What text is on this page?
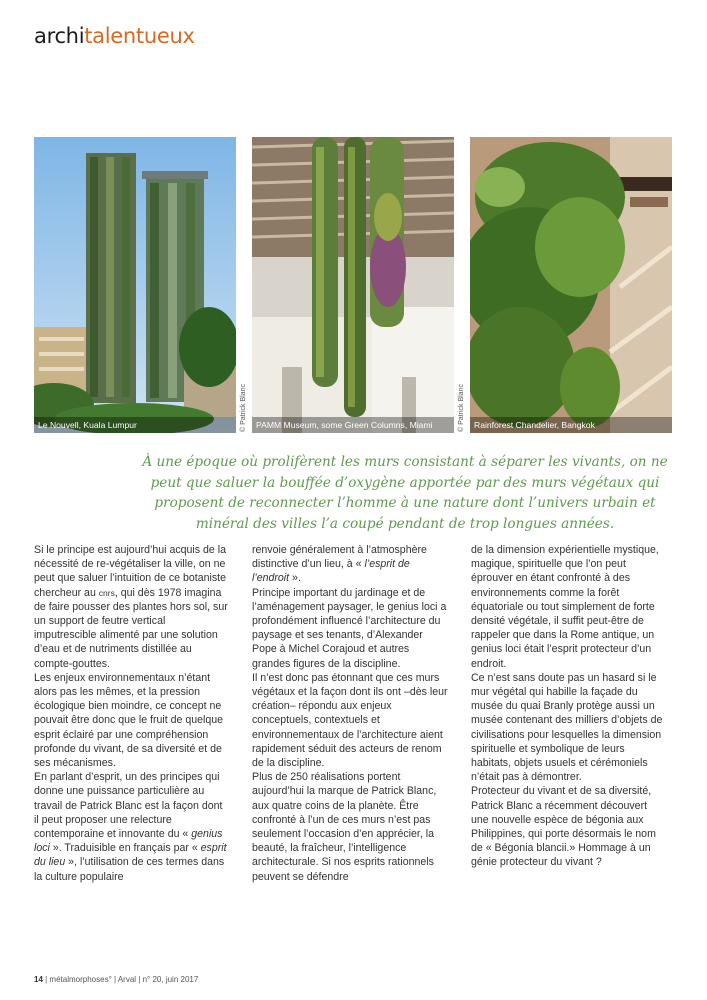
architalentueux
Le Nouvell, Kuala Lumpur	PAMM Museum, some Green Columns, Miami	Rainforest Chandelier, Bangkok
© Patrick Blanc	© Patrick Blanc
À une époque où prolifèrent les murs consistant à séparer les vivants, on ne peut que saluer la bouffée d’oxygène apportée par des murs végétaux qui proposent de reconnecter l’homme à une nature dont l’univers urbain et minéral des villes l’a coupé pendant de trop longues années.

Si le principe est aujourd’hui acquis de la nécessité de re-végétaliser la ville, on ne peut que saluer l’intuition de ce botaniste chercheur au cnrs, qui dès 1978 imagina de faire pousser des plantes hors sol, sur un support de feutre vertical imputrescible alimenté par une solution d’eau et de nutriments distillée au compte-gouttes.

Les enjeux environnementaux n’étant alors pas les mêmes, et la pression écologique bien moindre, ce concept ne pouvait être donc que le fruit de quelque esprit éclairé par une compréhension profonde du vivant, de sa diversité et de ses mécanismes.

En parlant d’esprit, un des principes qui donne une puissance particulière au travail de Patrick Blanc est la façon dont il peut proposer une relecture contemporaine et innovante du « genius loci ». Traduisible en français par « esprit du lieu », l’utilisation de ces termes dans la culture populaire

renvoie généralement à l’atmosphère distinctive d’un lieu, à « l’esprit de l’endroit ».

Principe important du jardinage et de l’aménagement paysager, le genius loci a profondément influencé l’architecture du paysage et ses tenants, d’Alexander Pope à Michel Corajoud et autres grandes figures de la discipline.

Il n’est donc pas étonnant que ces murs végétaux et la façon dont ils ont –dès leur création– répondu aux enjeux conceptuels, contextuels et environnementaux de l’architecture aient rapidement séduit des acteurs de renom de la discipline.

Plus de 250 réalisations portent aujourd’hui la marque de Patrick Blanc, aux quatre coins de la planète. Être confronté à l’un de ces murs n’est pas seulement l’occasion d’en apprécier, la beauté, la fraîcheur, l’intelligence architecturale. Si nos esprits rationnels peuvent se défendre

de la dimension expérientielle mystique, magique, spirituelle que l’on peut éprouver en étant confronté à des environnements comme la forêt équatoriale ou tout simplement de forte densité végétale, il suffit peut-être de rappeler que dans la Rome antique, un genius loci était l’esprit protecteur d’un endroit.

Ce n’est sans doute pas un hasard si le mur végétal qui habille la façade du musée du quai Branly protège aussi un musée contenant des milliers d’objets de civilisations pour lesquelles la dimension spirituelle et symbolique de leurs habitats, objets usuels et cérémoniels n’était pas à démontrer.

Protecteur du vivant et de sa diversité, Patrick Blanc a récemment découvert une nouvelle espèce de bégonia aux Philippines, qui porte désormais le nom de « Bégonia blancii.» Hommage à un génie protecteur du vivant ?

14 | métalmorphoses° | Arval | n° 20, juin 2017
